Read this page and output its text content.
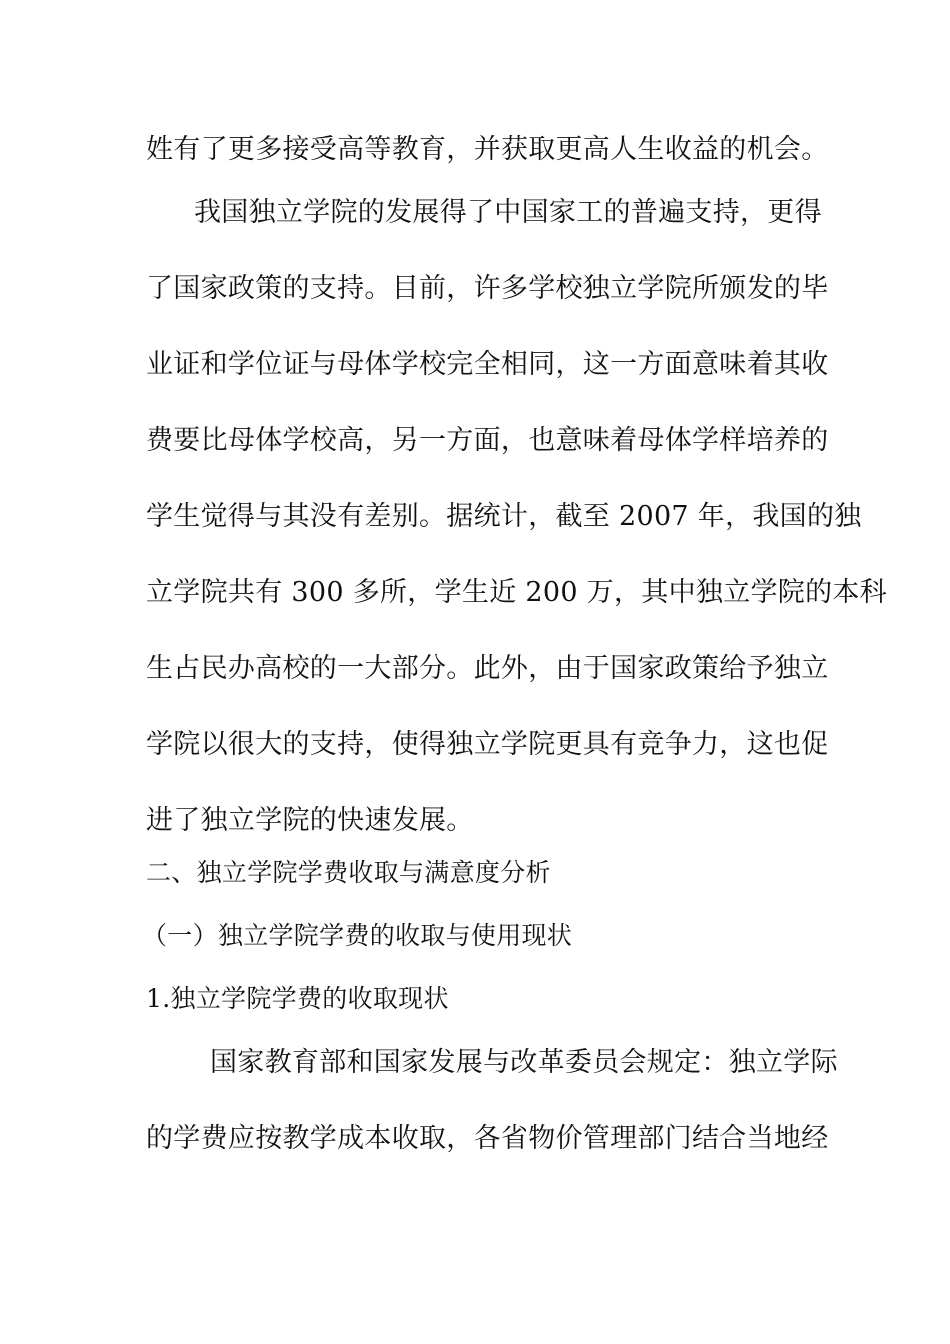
姓有了更多接受高等教育，并获取更高人生收益的机会。
我国独立学院的发展得了中国家工的普遍支持，更得
了国家政策的支持。目前，许多学校独立学院所颁发的毕
业证和学位证与母体学校完全相同，这一方面意味着其收
费要比母体学校高，另一方面，也意味着母体学样培养的
学生觉得与其没有差别。据统计，截至 2007 年，我国的独
立学院共有 300 多所，学生近 200 万，其中独立学院的本科
生占民办高校的一大部分。此外，由于国家政策给予独立
学院以很大的支持，使得独立学院更具有竞争力，这也促
进了独立学院的快速发展。
二、独立学院学费收取与满意度分析
（一）独立学院学费的收取与使用现状
1.独立学院学费的收取现状
国家教育部和国家发展与改革委员会规定：独立学际
的学费应按教学成本收取，各省物价管理部门结合当地经
